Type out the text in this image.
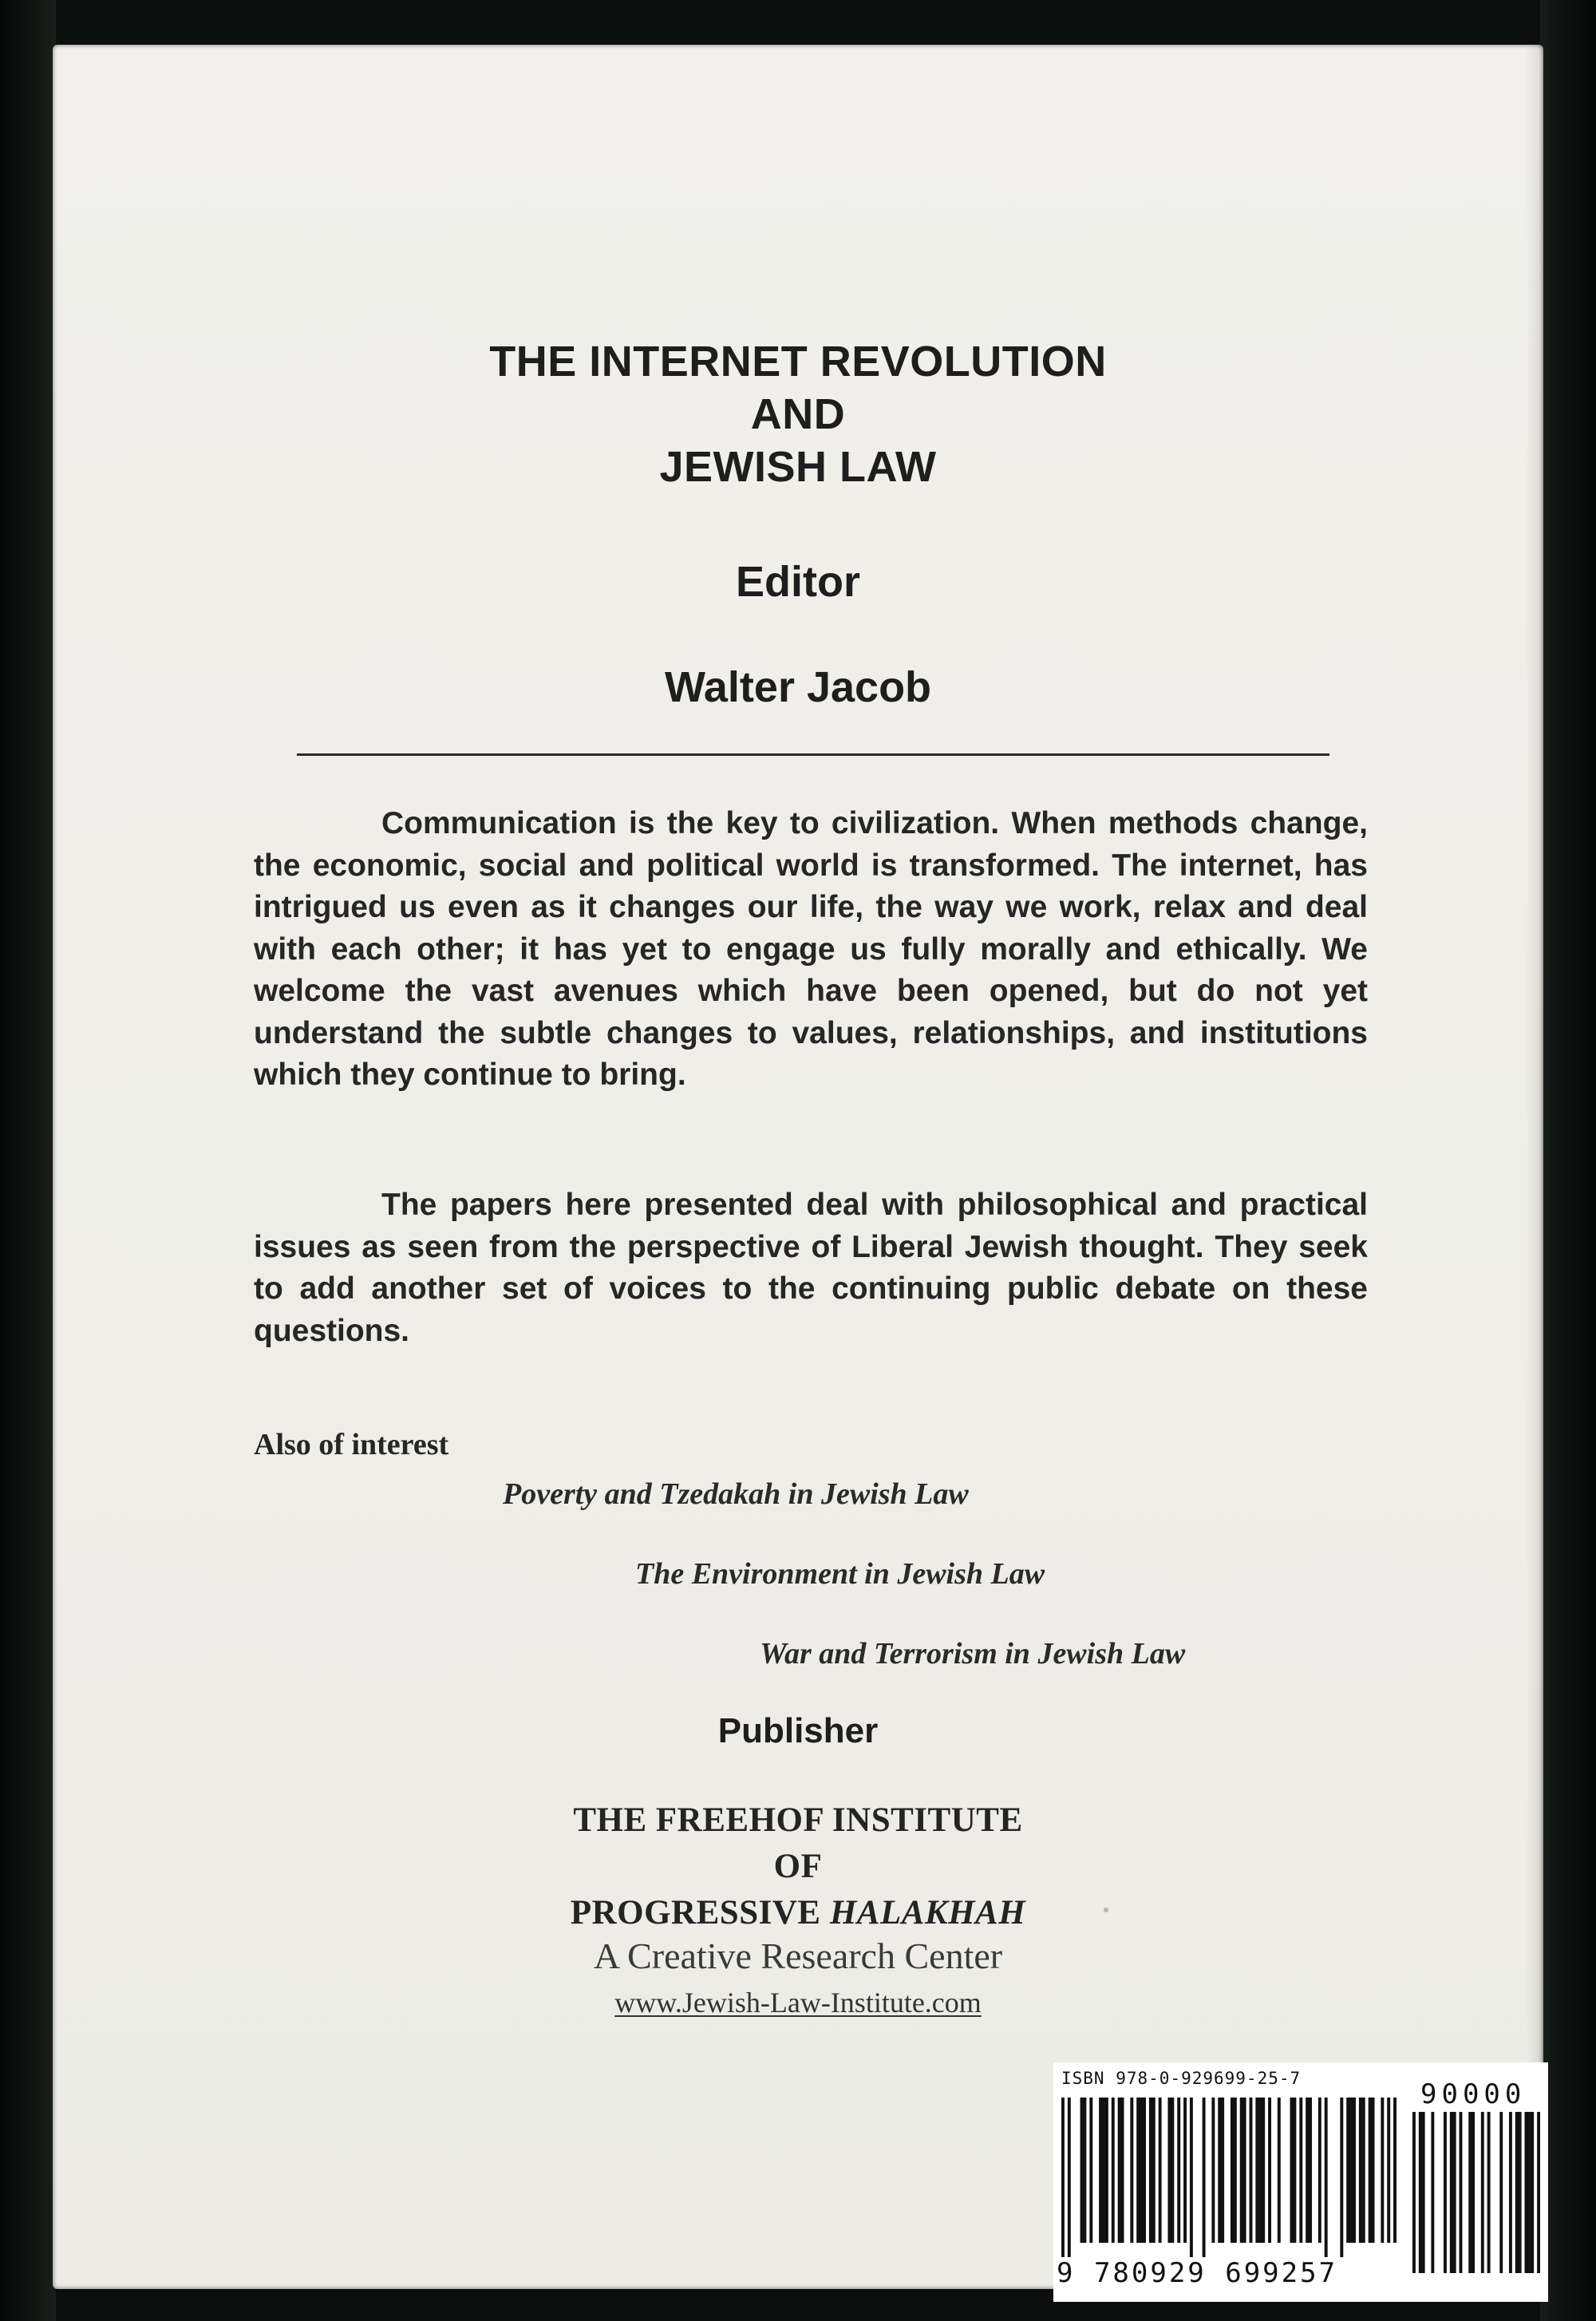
THE INTERNET REVOLUTION
AND
JEWISH LAW
Editor
Walter Jacob

Communication is the key to civilization. When methods change, the economic, social and political world is transformed. The internet, has intrigued us even as it changes our life, the way we work, relax and deal with each other; it has yet to engage us fully morally and ethically. We welcome the vast avenues which have been opened, but do not yet understand the subtle changes to values, relationships, and institutions which they continue to bring.

The papers here presented deal with philosophical and practical issues as seen from the perspective of Liberal Jewish thought. They seek to add another set of voices to the continuing public debate on these questions.

Also of interest
Poverty and Tzedakah in Jewish Law
The Environment in Jewish Law
War and Terrorism in Jewish Law
Publisher
THE FREEHOF INSTITUTE
OF
PROGRESSIVE HALAKHAH
A Creative Research Center
www.Jewish-Law-Institute.com
ISBN 978-0-929699-25-7	90000
9 780929 699257
